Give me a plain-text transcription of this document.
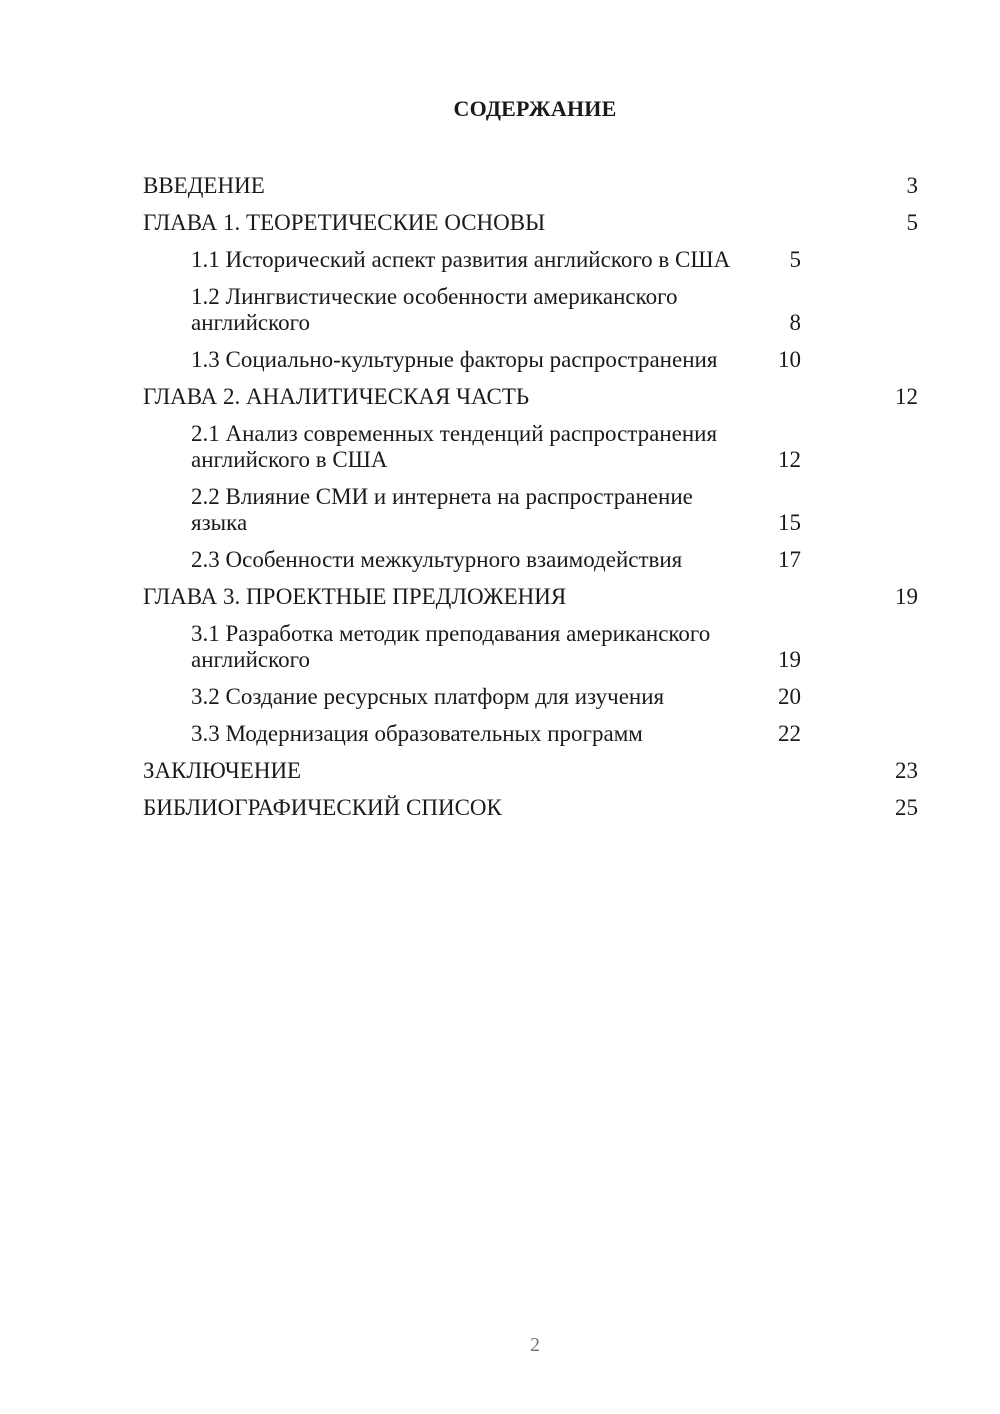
СОДЕРЖАНИЕ
ВВЕДЕНИЕ	3
ГЛАВА 1. ТЕОРЕТИЧЕСКИЕ ОСНОВЫ	5
1.1 Исторический аспект развития английского в США	5
1.2 Лингвистические особенности американского
английского	8
1.3 Социально-культурные факторы распространения	10
ГЛАВА 2. АНАЛИТИЧЕСКАЯ ЧАСТЬ	12
2.1 Анализ современных тенденций распространения
английского в США	12
2.2 Влияние СМИ и интернета на распространение языка	15
2.3 Особенности межкультурного взаимодействия	17
ГЛАВА 3. ПРОЕКТНЫЕ ПРЕДЛОЖЕНИЯ	19
3.1 Разработка методик преподавания американского
английского	19
3.2 Создание ресурсных платформ для изучения	20
3.3 Модернизация образовательных программ	22
ЗАКЛЮЧЕНИЕ	23
БИБЛИОГРАФИЧЕСКИЙ СПИСОК	25
2
